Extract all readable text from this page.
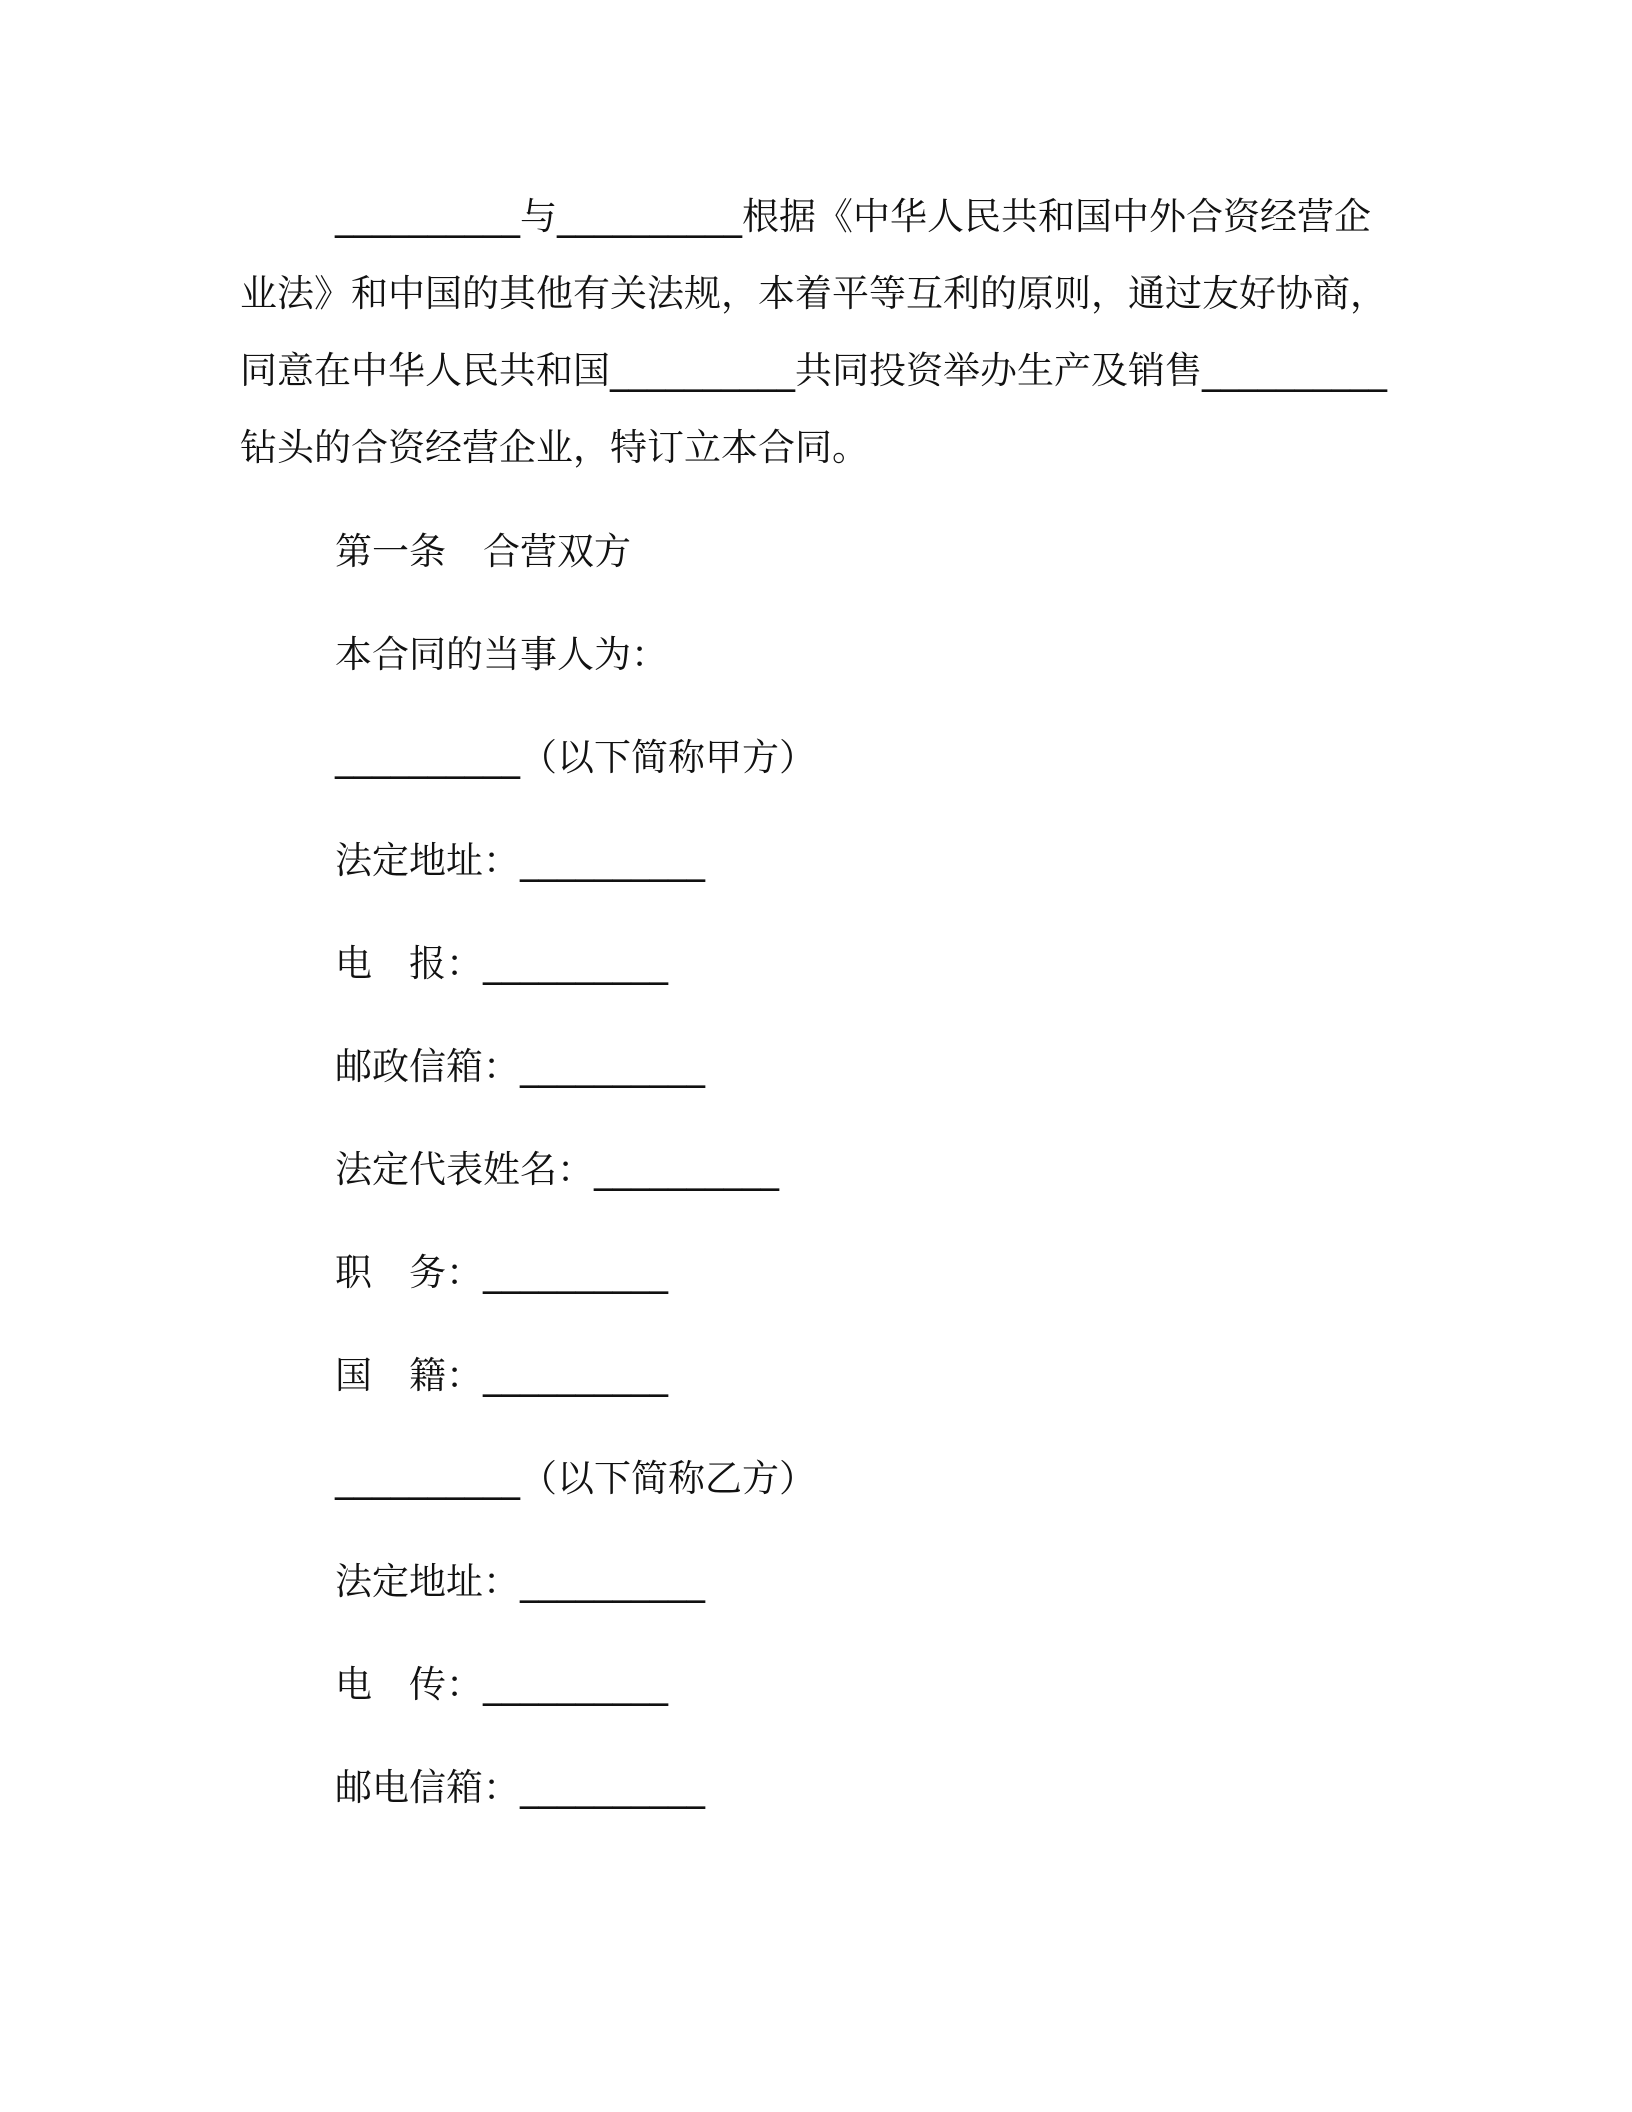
__________与__________根据《中华人民共和国中外合资经营企业法》和中国的其他有关法规，本着平等互利的原则，通过友好协商，同意在中华人民共和国__________共同投资举办生产及销售__________钻头的合资经营企业，特订立本合同。

第一条　合营双方
本合同的当事人为：
__________（以下简称甲方）
法定地址：__________
电　报：__________
邮政信箱：__________
法定代表姓名：__________
职　务：__________
国　籍：__________
__________（以下简称乙方）
法定地址：__________
电　传：__________
邮电信箱：__________
